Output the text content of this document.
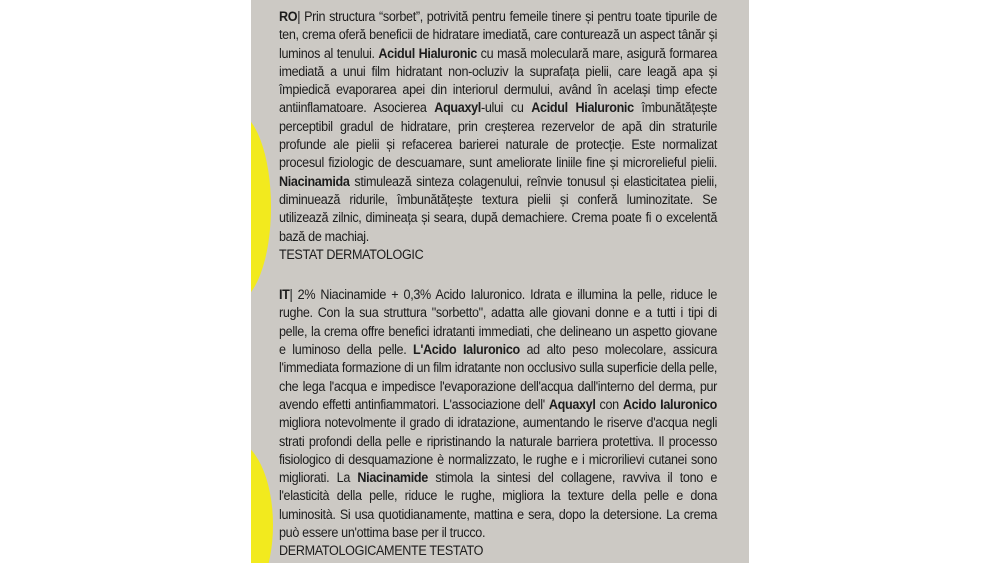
RO| Prin structura “sorbet”, potrivită pentru femeile tinere și pentru toate tipurile de ten, crema oferă beneficii de hidratare imediată, care conturează un aspect tânăr și luminos al tenului. Acidul Hialuronic cu masă moleculară mare, asigură formarea imediată a unui film hidratant non-ocluziv la suprafața pielii, care leagă apa și împiedică evaporarea apei din interiorul dermului, având în același timp efecte antiinflamatoare. Asocierea Aquaxyl-ului cu Acidul Hialuronic îmbunătățește perceptibil gradul de hidratare, prin creșterea rezervelor de apă din straturile profunde ale pielii și refacerea barierei naturale de protecție. Este normalizat procesul fiziologic de descuamare, sunt ameliorate liniile fine și microrelieful pielii. Niacinamida stimulează sinteza colagenului, reînvie tonusul și elasticitatea pielii, diminuează ridurile, îmbunătățește textura pielii și conferă luminozitate. Se utilizează zilnic, dimineața și seara, după demachiere. Crema poate fi o excelentă bază de machiaj.

TESTAT DERMATOLOGIC

IT| 2% Niacinamide + 0,3% Acido Ialuronico. Idrata e illumina la pelle, riduce le rughe. Con la sua struttura "sorbetto", adatta alle giovani donne e a tutti i tipi di pelle, la crema offre benefici idratanti immediati, che delineano un aspetto giovane e luminoso della pelle. L'Acido Ialuronico ad alto peso molecolare, assicura l'immediata formazione di un film idratante non occlusivo sulla superficie della pelle, che lega l'acqua e impedisce l'evaporazione dell'acqua dall'interno del derma, pur avendo effetti antinfiammatori. L'associazione dell' Aquaxyl con Acido Ialuronico migliora notevolmente il grado di idratazione, aumentando le riserve d'acqua negli strati profondi della pelle e ripristinando la naturale barriera protettiva. Il processo fisiologico di desquamazione è normalizzato, le rughe e i microrilievi cutanei sono migliorati. La Niacinamide stimola la sintesi del collagene, ravviva il tono e l'elasticità della pelle, riduce le rughe, migliora la texture della pelle e dona luminosità. Si usa quotidianamente, mattina e sera, dopo la detersione. La crema può essere un'ottima base per il trucco.

DERMATOLOGICAMENTE TESTATO
